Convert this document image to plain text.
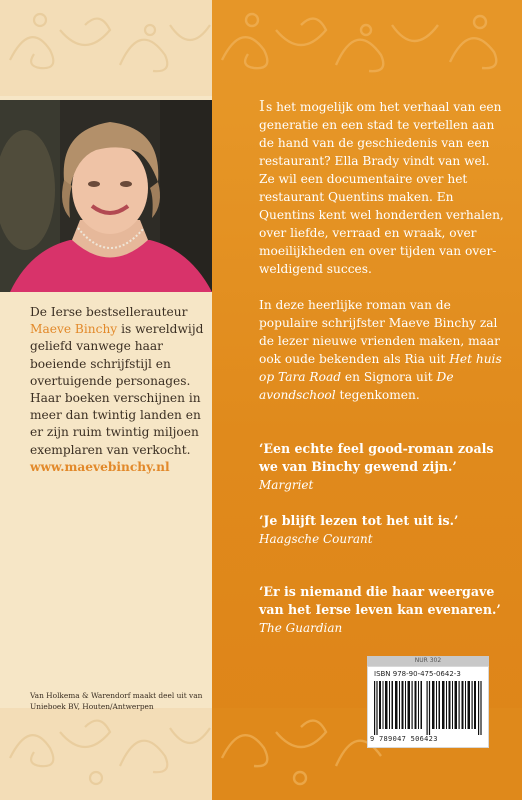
De Ierse bestsellerauteur
Maeve Binchy is wereldwijd geliefd vanwege haar boeiende schrijfstijl en overtuigende personages. Haar boeken verschijnen in meer dan twintig landen en er zijn ruim twintig miljoen exemplaren van verkocht.
www.maevebinchy.nl
Van Holkema & Warendorf maakt deel uit van Unieboek BV, Houten/Antwerpen
Is het mogelijk om het verhaal van een generatie en een stad te vertellen aan de hand van de geschiedenis van een restaurant? Ella Brady vindt van wel. Ze wil een documentaire over het restaurant Quentins maken. En Quentins kent wel honderden verhalen, over liefde, verraad en wraak, over moeilijkheden en over tijden van overweldigend succes.
In deze heerlijke roman van de populaire schrijfster Maeve Binchy zal de lezer nieuwe vrienden maken, maar ook oude bekenden als Ria uit Het huis op Tara Road en Signora uit De avondschool tegenkomen.
‘Een echte feel good-roman zoals we van Binchy gewend zijn.’
Margriet
‘Je blijft lezen tot het uit is.’
Haagsche Courant
‘Er is niemand die haar weergave van het Ierse leven kan evenaren.’
The Guardian
NUR 302
ISBN 978-90-475-0642-3
9 789047 506423
